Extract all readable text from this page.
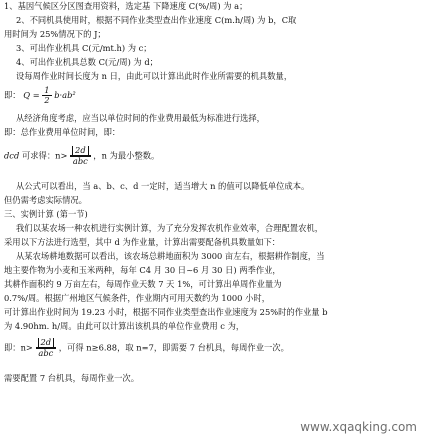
1、基因气候区分区图查用资料，选定基 下降速度 C(%/周) 为 a；
2、不同机具使用时，根据不同作业类型查出作业速度 C(m.h/周) 为 b，C取
用时间为 25%情况下的 J；
3、可出作业机具 C(元/mt.h) 为 c；
4、可出作业机具总数 C(元/周) 为 d；
设每周作业时间长度为 n 日，由此可以计算出此时作业所需要的机具数量，
即： $Q = \frac{1}{2} b\cdot ab^2$
从经济角度考虑，应当以单位时间的作业费用最低为标准进行选择，
即：总作业费用单位时间，即：
dcd 可求得：$n> \frac{2d}{\text{abc}}$ ，n 为最小整数。
从公式可以看出，当 a、b、c、d 一定时，适当增大 n 的值可以降低单位成本。
但仍需考虑实际情况。
三、实例计算 (第一节)
我们以某农场一种农机进行实例计算，为了充分发挥农机作业效率，合理配置农机，
采用以下方法进行选型，其中 d 为作业量，计算出需要配备机具数量如下：
从某农场耕地数据可以看出，该农场总耕地面积为 3000 亩左右，根据耕作制度，当
地主要作物为小麦和玉米两种，每年 C4 月 30 日~6 月 30 日) 两季作业，
其耕作面积约 9 万亩左右，每周作业天数 7 天 1%，可计算出单周作业量为
0.7%/周。根据广州地区气候条件，作业期内可用天数约为 1000 小时，
可计算出作业时间为 19.23 小时，根据不同作业类型查出作业速度为 25%时的作业量 b
为 4.90hm. h/周。由此可以计算出该机具的单位作业费用 c 为，
即：$n> \frac{2d}{\text{abc}}$ ，可得 n≥6.88，取 n=7，即需要 7 台机具，每周作业一次。
需要配置 7 台机具，每周作业一次。
www.xqaqking.com
